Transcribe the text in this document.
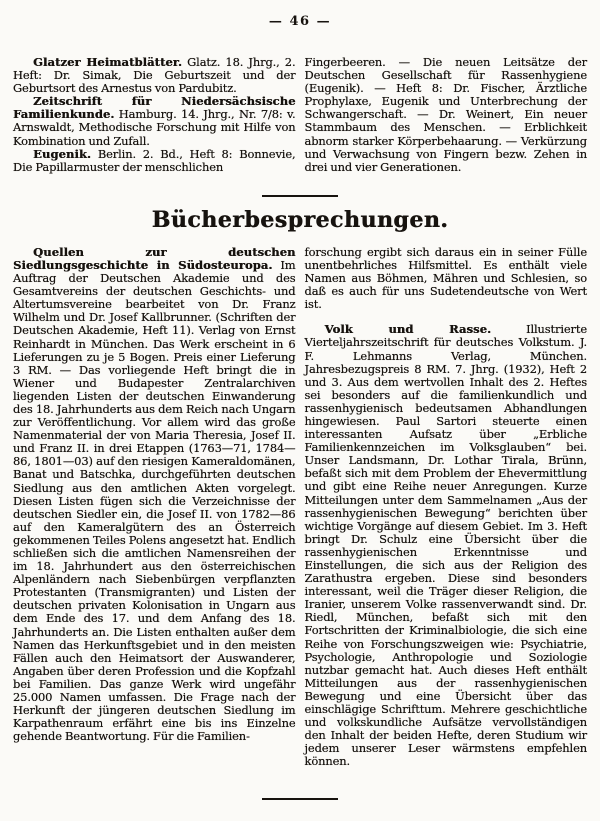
— 46 —

Glatzer Heimatblätter. Glatz. 18. Jhrg., 2. Heft: Dr. Simak, Die Geburtszeit und der Geburtsort des Arnestus von Pardubitz.

Zeitschrift für Niedersächsische Familienkunde. Hamburg. 14. Jhrg., Nr. 7/8: v. Arnswaldt, Methodische Forschung mit Hilfe von Kombination und Zufall.

Eugenik. Berlin. 2. Bd., Heft 8: Bonnevie, Die Papillarmuster der menschlichen

Fingerbeeren. — Die neuen Leitsätze der Deutschen Gesellschaft für Rassenhygiene (Eugenik). — Heft 8: Dr. Fischer, Ärztliche Prophylaxe, Eugenik und Unterbrechung der Schwangerschaft. — Dr. Weinert, Ein neuer Stammbaum des Menschen. — Erblichkeit abnorm starker Körperbehaarung. — Verkürzung und Verwachsung von Fingern bezw. Zehen in drei und vier Generationen.

Bücherbesprechungen.

Quellen zur deutschen Siedlungsgeschichte in Südosteuropa. Im Auftrag der Deutschen Akademie und des Gesamtvereins der deutschen Geschichts- und Altertumsvereine bearbeitet von Dr. Franz Wilhelm und Dr. Josef Kallbrunner. (Schriften der Deutschen Akademie, Heft 11). Verlag von Ernst Reinhardt in München. Das Werk erscheint in 6 Lieferungen zu je 5 Bogen. Preis einer Lieferung 3 RM. — Das vorliegende Heft bringt die in Wiener und Budapester Zentralarchiven liegenden Listen der deutschen Einwanderung des 18. Jahrhunderts aus dem Reich nach Ungarn zur Veröffentlichung. Vor allem wird das große Namenmaterial der von Maria Theresia, Josef II. und Franz II. in drei Etappen (1763—71, 1784—86, 1801—03) auf den riesigen Kameraldomänen, Banat und Batschka, durchgeführten deutschen Siedlung aus den amtlichen Akten vorgelegt. Diesen Listen fügen sich die Verzeichnisse der deutschen Siedler ein, die Josef II. von 1782—86 auf den Kameralgütern des an Österreich gekommenen Teiles Polens angesetzt hat. Endlich schließen sich die amtlichen Namensreihen der im 18. Jahrhundert aus den österreichischen Alpenländern nach Siebenbürgen verpflanzten Protestanten (Transmigranten) und Listen der deutschen privaten Kolonisation in Ungarn aus dem Ende des 17. und dem Anfang des 18. Jahrhunderts an. Die Listen enthalten außer dem Namen das Herkunftsgebiet und in den meisten Fällen auch den Heimatsort der Auswanderer, Angaben über deren Profession und die Kopfzahl bei Familien. Das ganze Werk wird ungefähr 25.000 Namen umfassen. Die Frage nach der Herkunft der jüngeren deutschen Siedlung im Karpathenraum erfährt eine bis ins Einzelne gehende Beantwortung. Für die Familien-

forschung ergibt sich daraus ein in seiner Fülle unentbehrliches Hilfsmittel. Es enthält viele Namen aus Böhmen, Mähren und Schlesien, so daß es auch für uns Sudetendeutsche von Wert ist.

Volk und Rasse.	Illustrierte Vierteljahrszeitschrift für deutsches Volkstum. J. F. Lehmanns Verlag, München. Jahresbezugspreis 8 RM. 7. Jhrg. (1932), Heft 2 und 3. Aus dem wertvollen Inhalt des 2. Heftes sei besonders auf die familienkundlich und rassenhygienisch bedeutsamen Abhandlungen hingewiesen. Paul Sartori steuerte einen interessanten Aufsatz über „Erbliche Familienkennzeichen im Volksglauben“ bei. Unser Landsmann, Dr. Lothar Tirala, Brünn, befaßt sich mit dem Problem der Ehevermittlung und gibt eine Reihe neuer Anregungen. Kurze Mitteilungen unter dem Sammelnamen „Aus der rassenhygienischen Bewegung“ berichten über wichtige Vorgänge auf diesem Gebiet. Im 3. Heft bringt Dr. Schulz eine Übersicht über die rassenhygienischen Erkenntnisse und Einstellungen, die sich aus der Religion des Zarathustra ergeben. Diese sind besonders interessant, weil die Träger dieser Religion, die Iranier, unserem Volke rassenverwandt sind. Dr. Riedl, München, befaßt sich mit den Fortschritten der Kriminalbiologie, die sich eine Reihe von Forschungszweigen wie: Psychiatrie, Psychologie, Anthropologie und Soziologie nutzbar gemacht hat. Auch dieses Heft enthält Mitteilungen aus der rassenhygienischen Bewegung und eine Übersicht über das einschlägige Schrifttum. Mehrere geschichtliche und volkskundliche Aufsätze vervollständigen den Inhalt der beiden Hefte, deren Studium wir jedem unserer Leser wärmstens empfehlen können.
